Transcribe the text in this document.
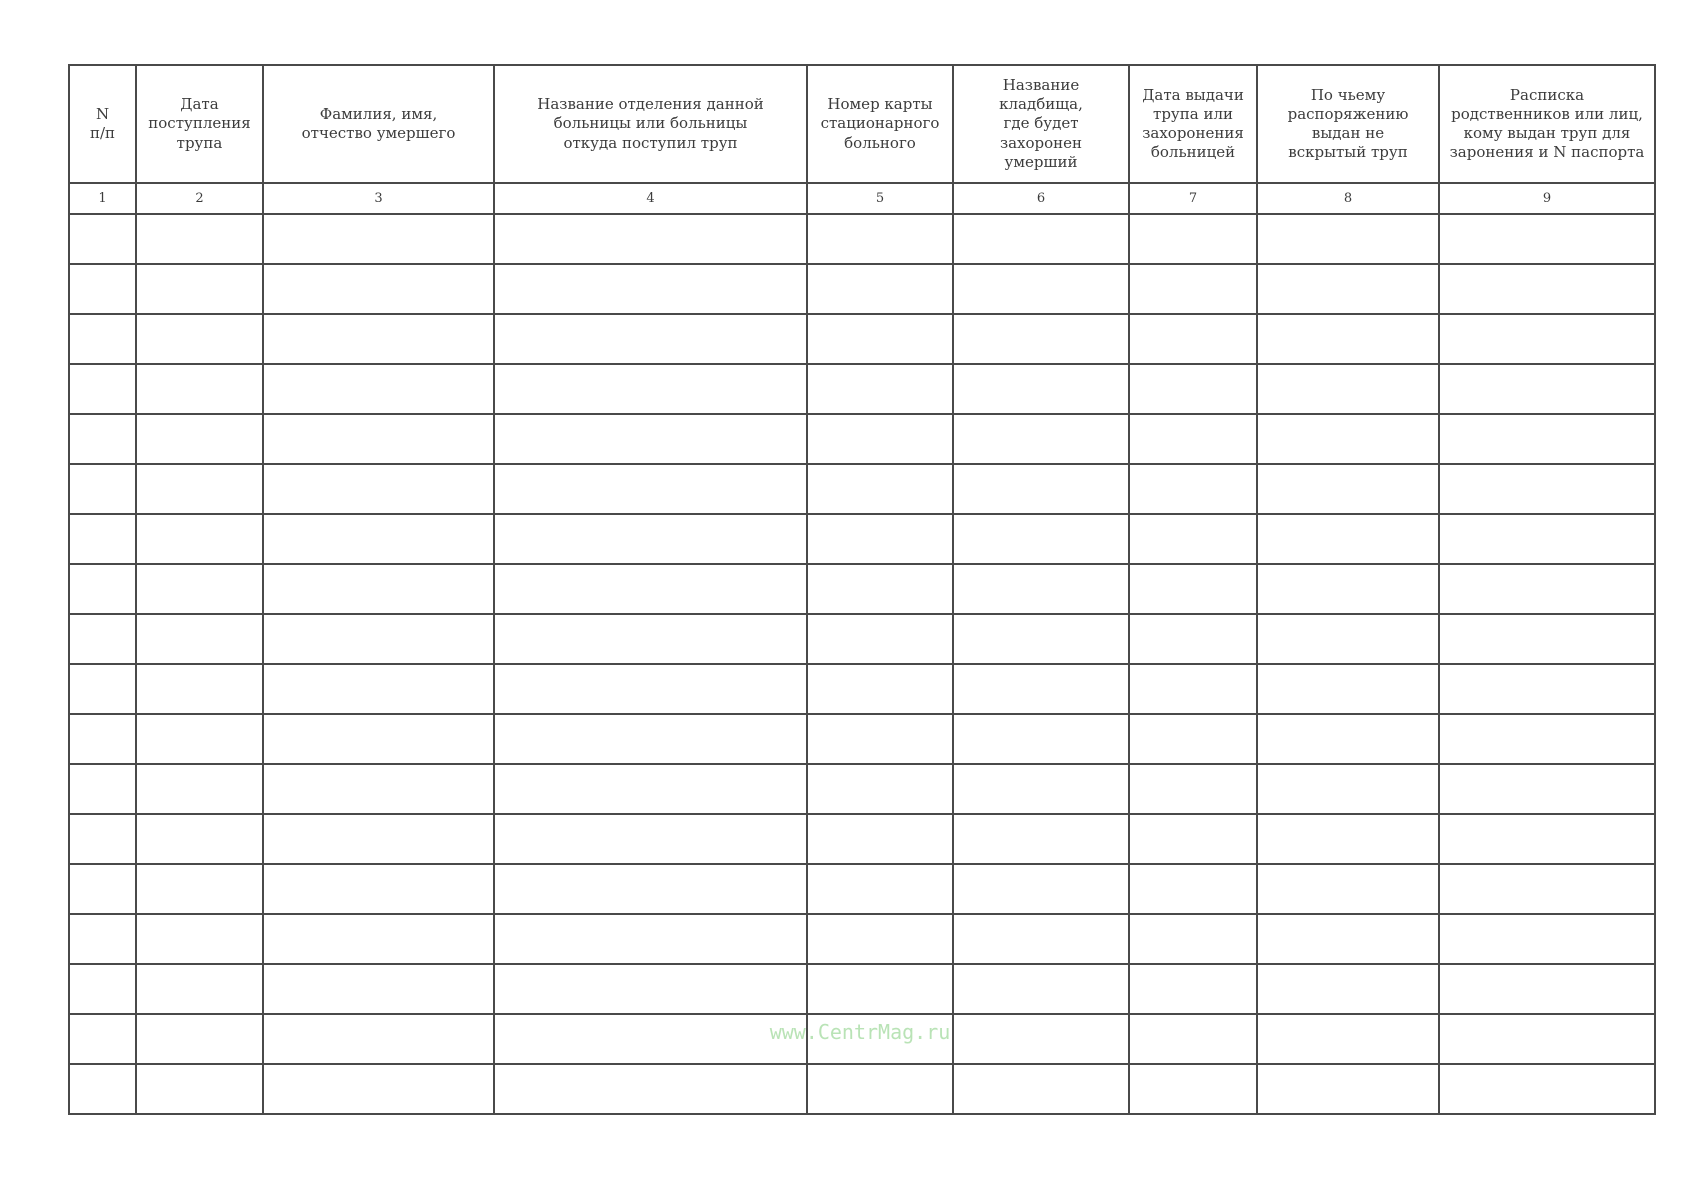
N
п/п	Дата
поступления
трупа	Фамилия, имя,
отчество умершего	Название отделения данной
больницы или больницы
откуда поступил труп	Номер карты
стационарного
больного	Название
кладбища,
где будет
захоронен
умерший	Дата выдачи
трупа или
захоронения
больницей	По чьему
распоряжению
выдан не
вскрытый труп	Расписка
родственников или лиц,
кому выдан труп для
заронения и N паспорта
1	2	3	4	5	6	7	8	9

www.CentrMag.ru
